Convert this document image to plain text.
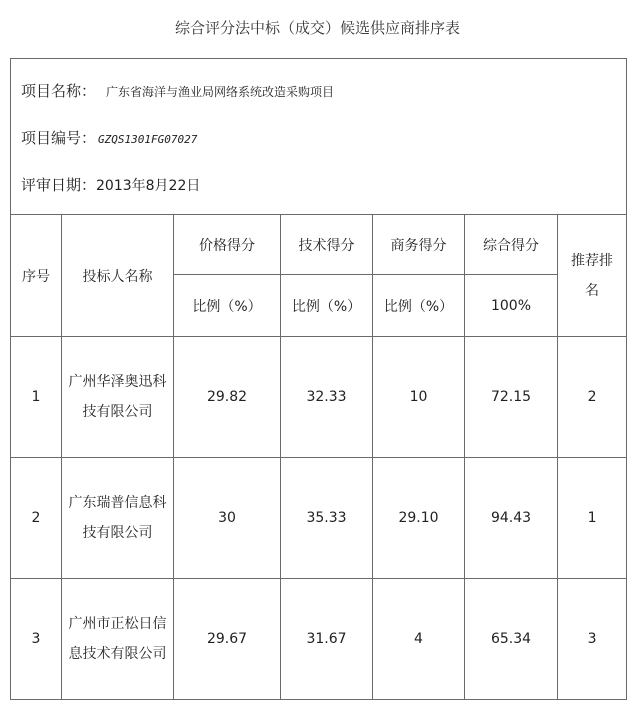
综合评分法中标（成交）候选供应商排序表
项目名称： 广东省海洋与渔业局网络系统改造采购项目
项目编号： GZQS1301FG07027
评审日期：2013年8月22日						

序号	投标人名称	价格得分	技术得分	商务得分	综合得分	推荐排名
		比例（%）	比例（%）	比例（%）	100%	
1	广州华泽奥迅科技有限公司	29.82	32.33	10	72.15	2
2	广东瑞普信息科技有限公司	30	35.33	29.10	94.43	1
3	广州市正松日信息技术有限公司	29.67	31.67	4	65.34	3
